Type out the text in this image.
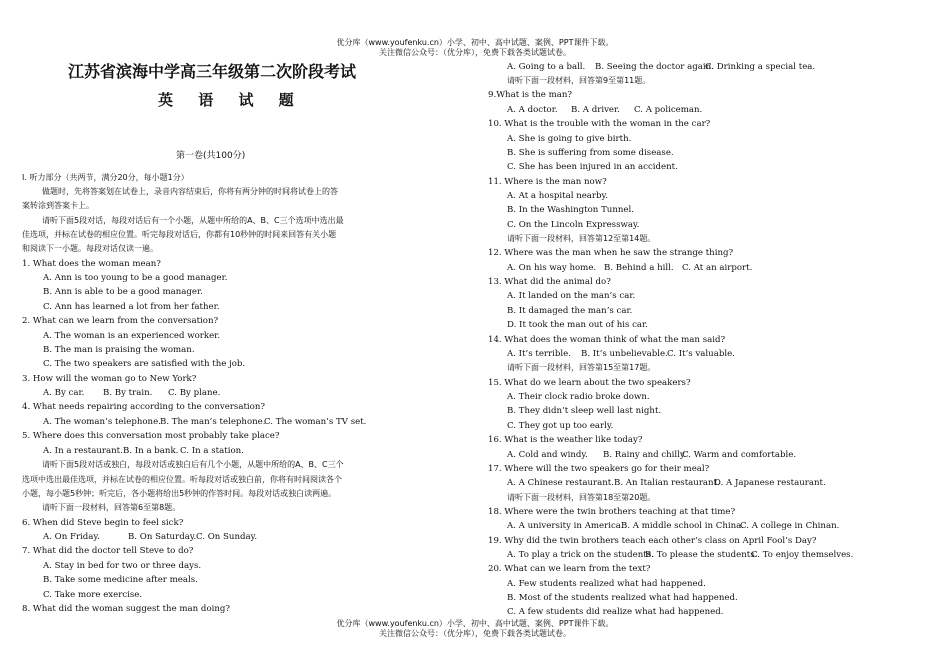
优分库（www.youfenku.cn）小学、初中、高中试题、案例、PPT课件下载。
关注微信公众号：（优分库），免费下载各类试题试卷。
江苏省滨海中学高三年级第二次阶段考试
英 语 试 题
第一卷(共100分)
I. 听力部分（共两节，满分20分，每小题1分）
做题时，先将答案划在试卷上，录音内容结束后，你将有两分钟的时间将试卷上的答
案转涂到答案卡上。
请听下面5段对话，每段对话后有一个小题，从题中所给的A、B、C三个选项中选出最
佳选项，并标在试卷的相应位置。听完每段对话后，你都有10秒钟的时间来回答有关小题
和阅读下一小题。每段对话仅读一遍。
1. What does the woman mean?
A. Ann is too young to be a good manager.
B. Ann is able to be a good manager.
C. Ann has learned a lot from her father.
2. What can we learn from the conversation?
A. The woman is an experienced worker.
B. The man is praising the woman.
C. The two speakers are satisfied with the job.
3. How will the woman go to New York?
A. By car. B. By train. C. By plane.
4. What needs repairing according to the conversation?
A. The woman’s telephone. B. The man’s telephone.
C. The woman’s TV set.
5. Where does this conversation most probably take place?
A. In a restaurant. B. In a bank. C. In a station.
请听下面5段对话或独白，每段对话或独白后有几个小题，从题中所给的A、B、C三个
选项中选出最佳选项，并标在试卷的相应位置。听每段对话或独白前，你将有时间阅读各个
小题，每小题5秒钟；听完后，各小题将给出5秒钟的作答时间。每段对话或独白读两遍。
请听下面一段材料，回答第6至第8题。
6. When did Steve begin to feel sick?
A. On Friday.	B. On Saturday. C. On Sunday.
7. What did the doctor tell Steve to do?
A. Stay in bed for two or three days.
B. Take some medicine after meals.
C. Take more exercise.
8. What did the woman suggest the man doing?
A. Going to a ball. B. Seeing the doctor again.
C. Drinking a special tea.
请听下面一段材料，回答第9至第11题。
9.What is the man?
A. A doctor. B. A driver. C. A policeman.
10. What is the trouble with the woman in the car?
A. She is going to give birth.
B. She is suffering from some disease.
C. She has been injured in an accident.
11. Where is the man now?
A. At a hospital nearby.
B. In the Washington Tunnel.
C. On the Lincoln Expressway.
请听下面一段材料，回答第12至第14题。
12. Where was the man when he saw the strange thing?
A. On his way home. B. Behind a hill. C. At an airport.
13. What did the animal do?
A. It landed on the man’s car.
B. It damaged the man’s car.
D. It took the man out of his car.
14. What does the woman think of what the man said?
A. It’s terrible. B. It’s unbelievable. C. It’s valuable.
请听下面一段材料，回答第15至第17题。
15. What do we learn about the two speakers?
A. Their clock radio broke down.
B. They didn’t sleep well last night.
C. They got up too early.
16. What is the weather like today?
A. Cold and windy. B. Rainy and chilly.
C. Warm and comfortable.
17. Where will the two speakers go for their meal?
A. A Chinese restaurant. B. An Italian restaurant.
D. A Japanese restaurant.
请听下面一段材料，回答第18至第20题。
18. Where were the twin brothers teaching at that time?
A. A university in America.
B. A middle school in China.
C. A college in Chinan.
19. Why did the twin brothers teach each other’s class on April Fool’s Day?
A. To play a trick on the students.
B. To please the students.
C. To enjoy themselves.
20. What can we learn from the text?
A. Few students realized what had happened.
B. Most of the students realized what had happened.
C. A few students did realize what had happened.
优分库（www.youfenku.cn）小学、初中、高中试题、案例、PPT课件下载。
关注微信公众号：（优分库），免费下载各类试题试卷。
